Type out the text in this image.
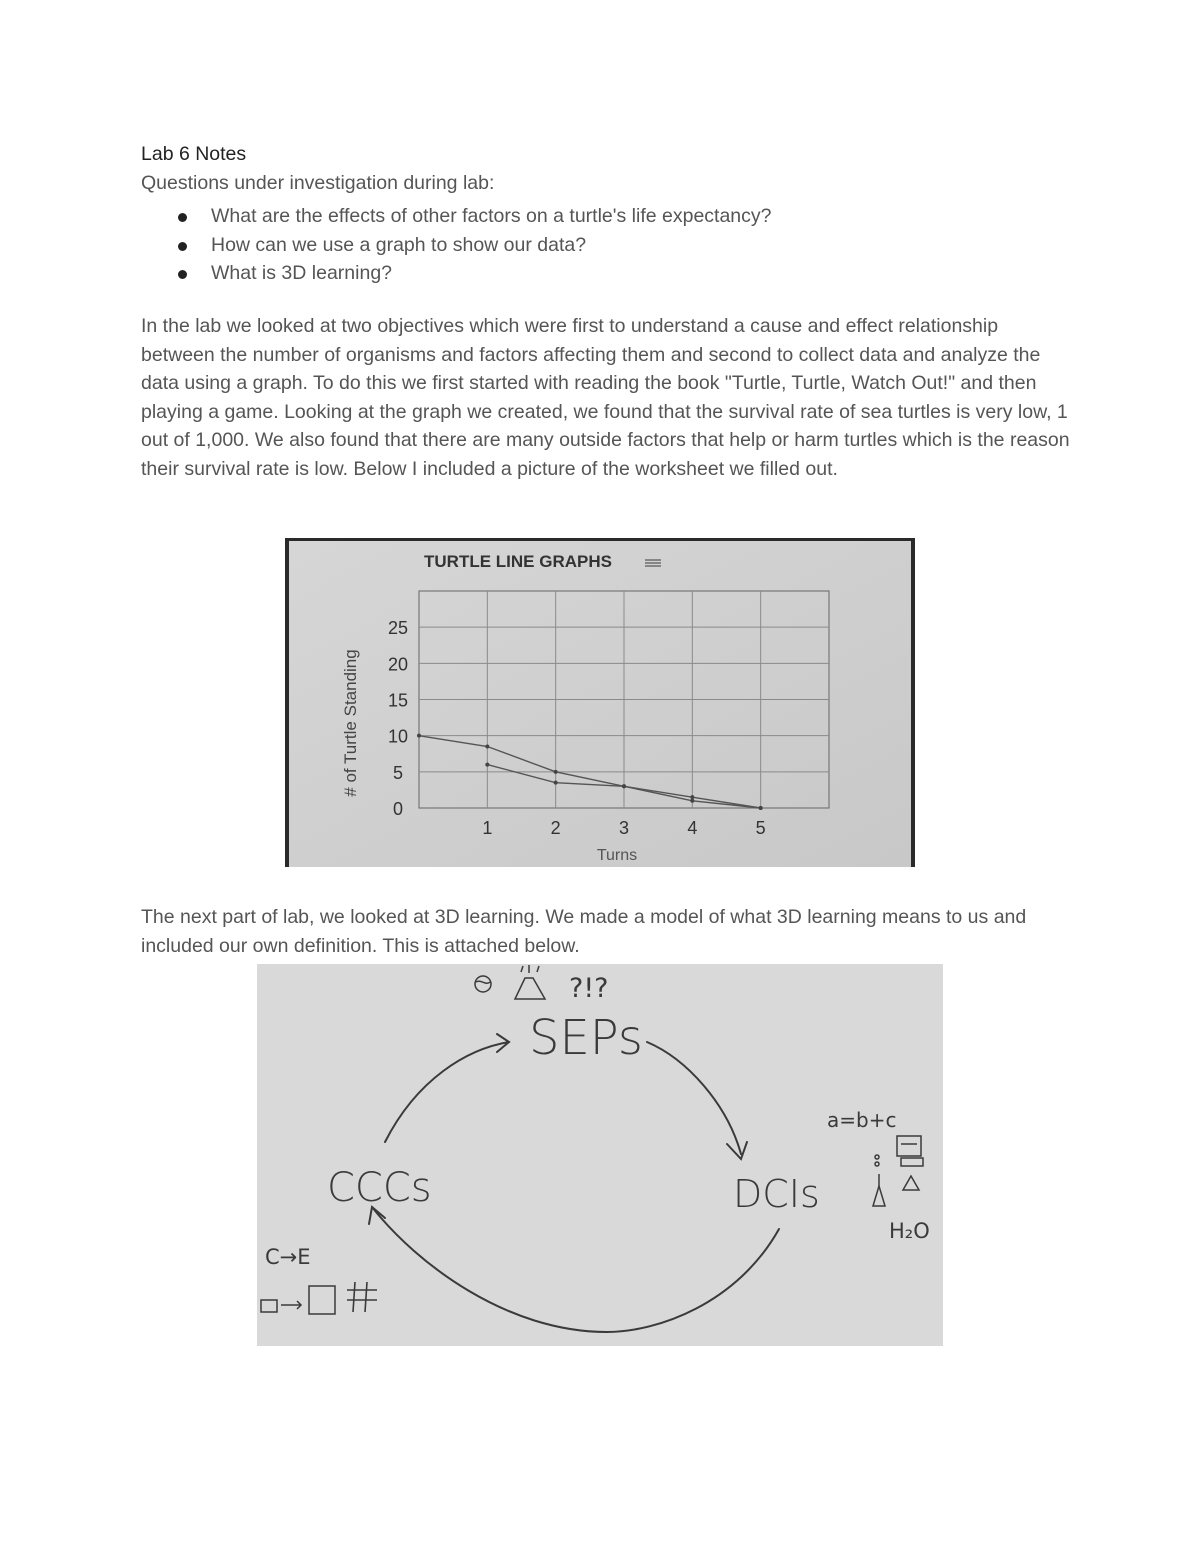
Lab 6 Notes
Questions under investigation during lab:
What are the effects of other factors on a turtle's life expectancy?
How can we use a graph to show our data?
What is 3D learning?
In the lab we looked at two objectives which were first to understand a cause and effect relationship between the number of organisms and factors affecting them and second to collect data and analyze the data using a graph. To do this we first started with reading the book "Turtle, Turtle, Watch Out!" and then playing a game. Looking at the graph we created, we found that the survival rate of sea turtles is very low, 1 out of 1,000. We also found that there are many outside factors that help or harm turtles which is the reason their survival rate is low. Below I included a picture of the worksheet we filled out.
TURTLE LINE GRAPHS
# of Turtle Standing
Turns
0
5
10
15
20
25
1	2	3	4	5
The next part of lab, we looked at 3D learning. We made a model of what 3D learning means to us and included our own definition. This is attached below.
SEPs
DCIs
CCCs
a=b+c
H₂O
C→E
?!?
